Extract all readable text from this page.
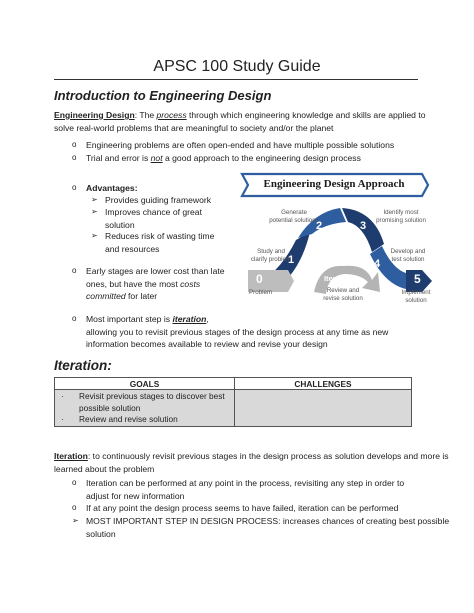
APSC 100 Study Guide
Introduction to Engineering Design
Engineering Design: The process through which engineering knowledge and skills are applied to
solve real-world problems that are meaningful to society and/or the planet
o Engineering problems are often open-ended and have multiple possible solutions
o Trial and error is not a good approach to the engineering design process
o Advantages:
➢ Provides guiding framework
➢ Improves chance of great
solution
➢ Reduces risk of wasting time
and resources
o Early stages are lower cost than late
ones, but have the most costs
committed for later
o Most important step is iteration,
allowing you to revisit previous stages of the design process at any time as new
information becomes available to review and revise your design
Engineering Design Approach
0
Problem
1
Study and
clarify problem
2
Generate
potential solutions	3
Identify most
promising solution
4
Develop and
test solution
5
Implement
solution
Iteration
Review and
revise solution
Iteration:
GOALS	CHALLENGES

· Revisit previous stages to discover best
possible solution
· Review and revise solution	

Iteration: to continuously revisit previous stages in the design process as solution develops and more is
learned about the problem
o Iteration can be performed at any point in the process, revisiting any step in order to
adjust for new information
o If at any point the design process seems to have failed, iteration can be performed
➢ MOST IMPORTANT STEP IN DESIGN PROCESS: increases chances of creating best possible
solution
